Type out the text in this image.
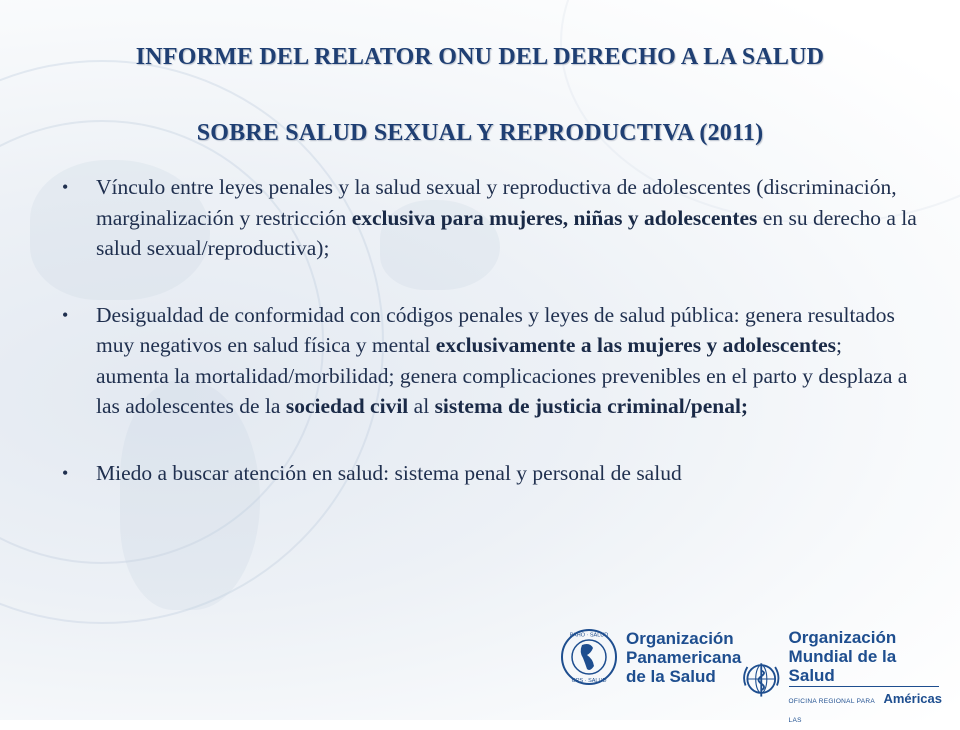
INFORME DEL RELATOR ONU DEL DERECHO A LA SALUD
SOBRE SALUD SEXUAL Y REPRODUCTIVA (2011)
• Vínculo entre leyes penales y la salud sexual y reproductiva de adolescentes (discriminación, marginalización y restricción exclusiva para mujeres, niñas y adolescentes en su derecho a la salud sexual/reproductiva);
• Desigualdad de conformidad con códigos penales y leyes de salud pública: genera resultados muy negativos en salud física y mental exclusivamente a las mujeres y adolescentes; aumenta la mortalidad/morbilidad; genera complicaciones prevenibles en el parto y desplaza a las adolescentes de la sociedad civil al sistema de justicia criminal/penal;
• Miedo a buscar atención en salud: sistema penal y personal de salud
PAHO · SALUD
OPS · SALUD
Organización
Panamericana
de la Salud
Organización
Mundial de la Salud
OFICINA REGIONAL PARA LAS
Américas
